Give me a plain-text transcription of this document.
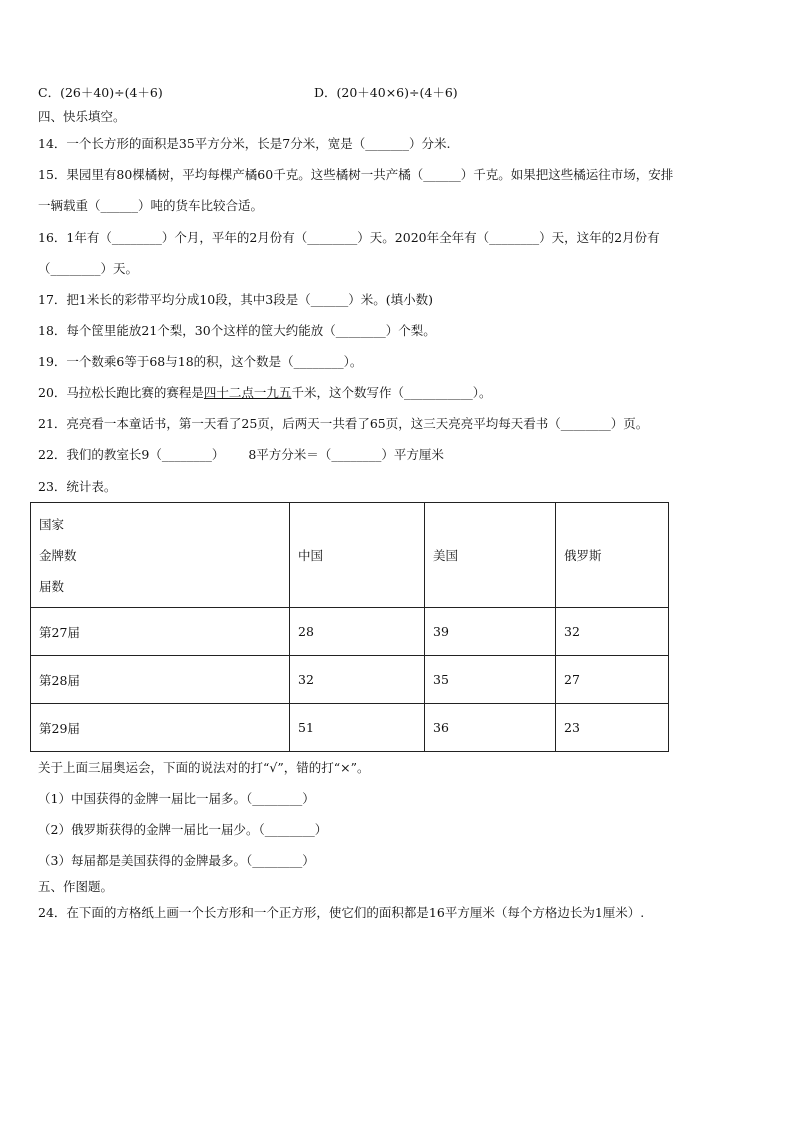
C．(26＋40)÷(4＋6)	D．(20＋40×6)÷(4＋6)
四、快乐填空。
14．一个长方形的面积是35平方分米，长是7分米，宽是（_______）分米.
15．果园里有80棵橘树，平均每棵产橘60千克。这些橘树一共产橘（______）千克。如果把这些橘运往市场，安排
一辆载重（______）吨的货车比较合适。
16．1年有（________）个月，平年的2月份有（________）天。2020年全年有（________）天，这年的2月份有
（________）天。
17．把1米长的彩带平均分成10段，其中3段是（______）米。(填小数)
18．每个筐里能放21个梨，30个这样的筐大约能放（________）个梨。
19．一个数乘6等于68与18的积，这个数是（________）。
20．马拉松长跑比赛的赛程是四十二点一九五千米，这个数写作（___________）。
21．亮亮看一本童话书，第一天看了25页，后两天一共看了65页，这三天亮亮平均每天看书（________）页。
22．我们的教室长9（________） 8平方分米＝（________）平方厘米
23．统计表。
国家
金牌数
届数	中国	美国	俄罗斯
第27届	28	39	32
第28届	32	35	27
第29届	51	36	23
关于上面三届奥运会，下面的说法对的打“√”，错的打“×”。
（1）中国获得的金牌一届比一届多。（________）
（2）俄罗斯获得的金牌一届比一届少。（________）
（3）每届都是美国获得的金牌最多。（________）
五、作图题。
24．在下面的方格纸上画一个长方形和一个正方形，使它们的面积都是16平方厘米（每个方格边长为1厘米）.
